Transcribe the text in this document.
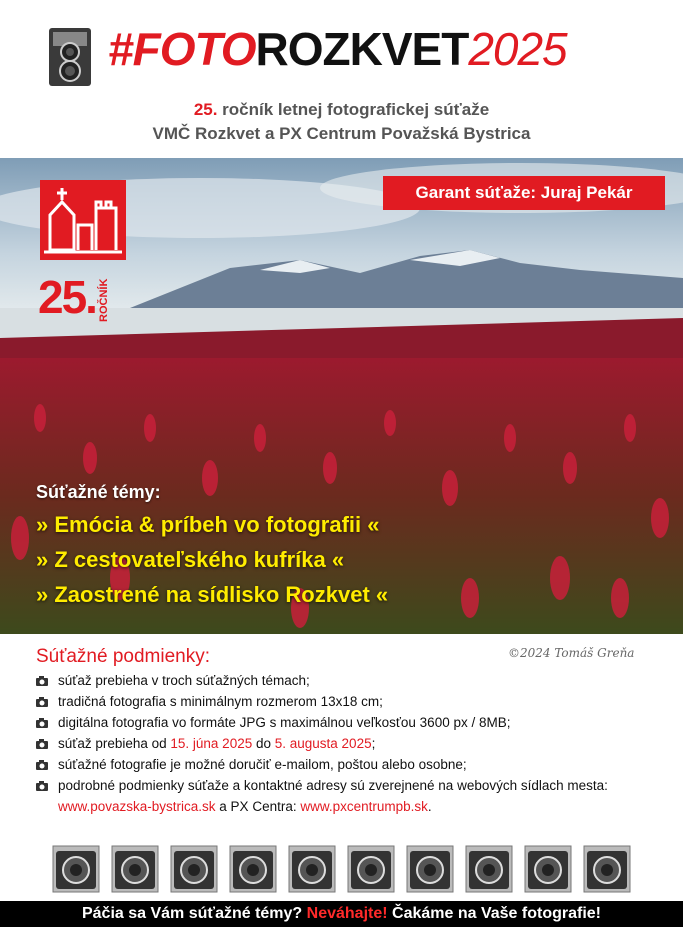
#FOTOROZKVET2025
25. ročník letnej fotografickej súťaže
VMČ Rozkvet a PX Centrum Považská Bystrica
25. ROČNÍK
Garant súťaže: Juraj Pekár
Súťažné témy:
» Emócia & príbeh vo fotografii «
» Z cestovateľského kufríka «
» Zaostrené na sídlisko Rozkvet «
Súťažné podmienky:	©2024 Tomáš Greňa
súťaž prebieha v troch súťažných témach;
tradičná fotografia s minimálnym rozmerom 13x18 cm;
digitálna fotografia vo formáte JPG s maximálnou veľkosťou 3600 px / 8MB;
súťaž prebieha od 15. júna 2025 do 5. augusta 2025;
súťažné fotografie je možné doručiť e-mailom, poštou alebo osobne;
podrobné podmienky súťaže a kontaktné adresy sú zverejnené na webových sídlach mesta: www.povazska-bystrica.sk a PX Centra: www.pxcentrumpb.sk.
Páčia sa Vám súťažné témy? Neváhajte! Čakáme na Vaše fotografie!
